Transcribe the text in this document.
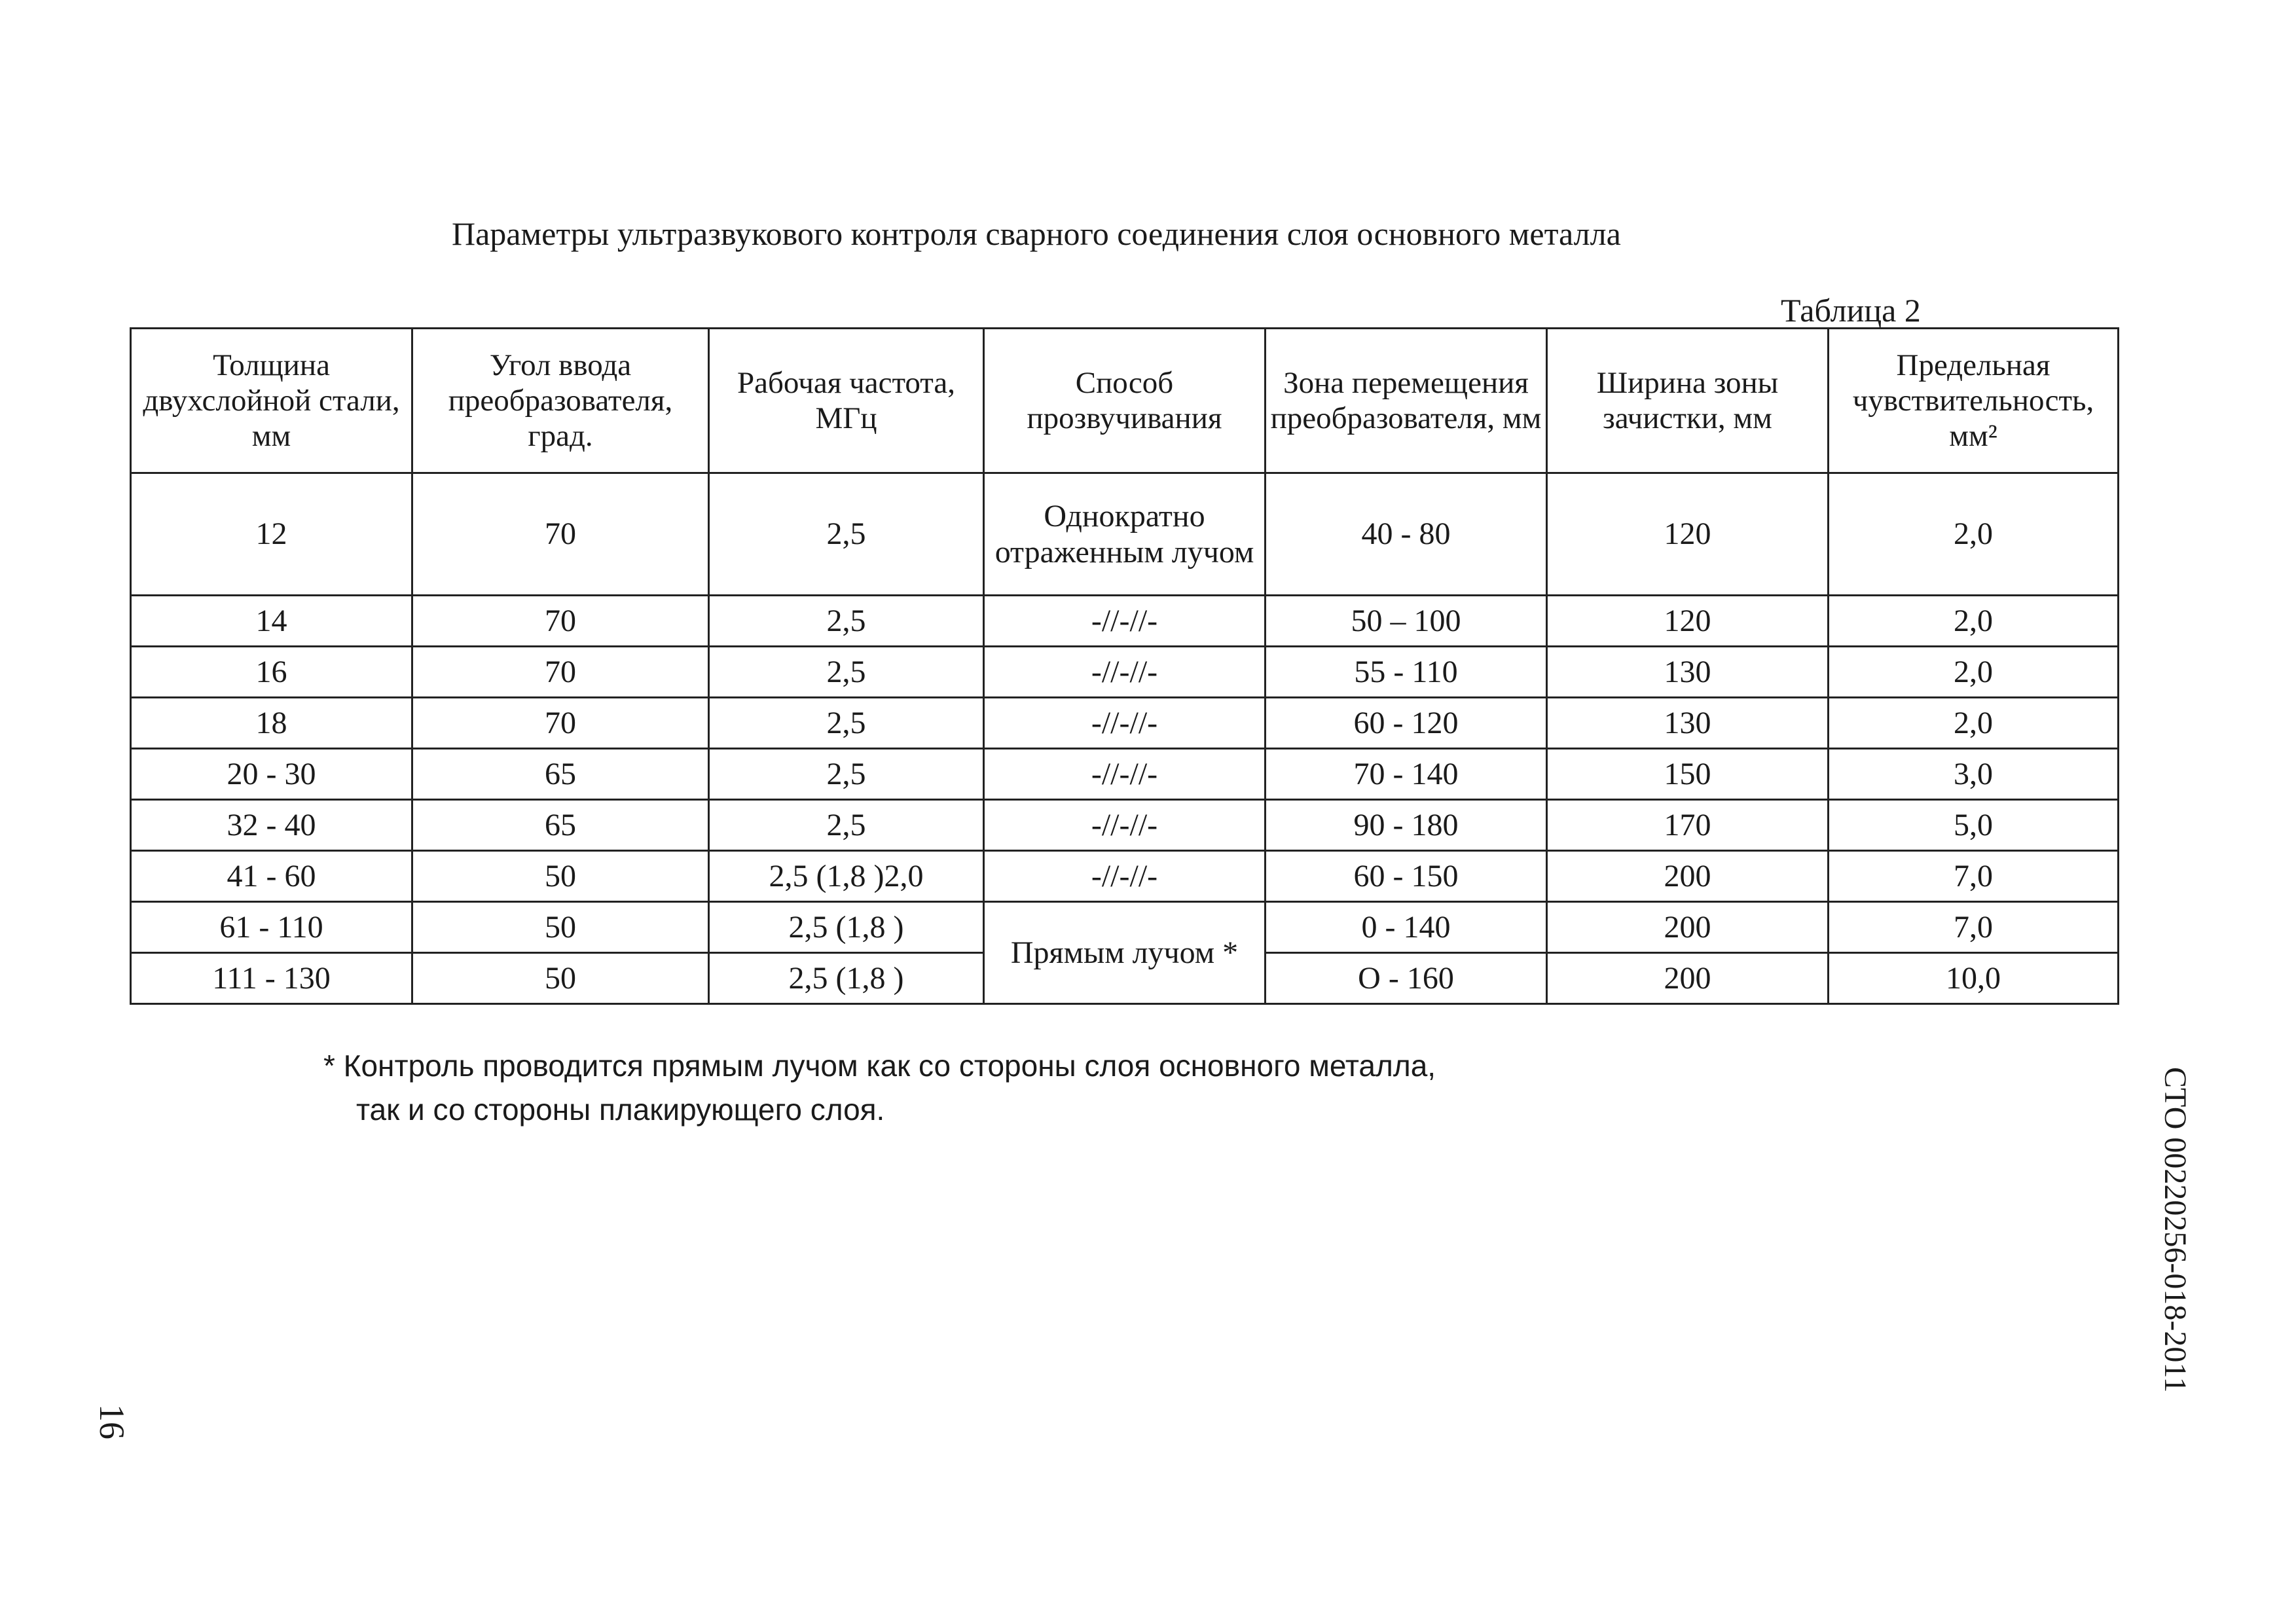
Параметры ультразвукового контроля сварного соединения слоя основного металла
Таблица 2
Толщина двухслойной стали, мм	Угол ввода преобразователя, град.	Рабочая частота, МГц	Способ прозвучивания	Зона перемещения преобразователя, мм	Ширина зоны зачистки, мм	Предельная чувствительность, мм²
12	70	2,5	Однократно отраженным лучом	40 - 80	120	2,0
14	70	2,5	-//-//-	50 – 100	120	2,0
16	70	2,5	-//-//-	55 - 110	130	2,0
18	70	2,5	-//-//-	60 - 120	130	2,0
20 - 30	65	2,5	-//-//-	70 - 140	150	3,0
32 - 40	65	2,5	-//-//-	90 - 180	170	5,0
41 - 60	50	2,5 (1,8 )2,0	-//-//-	60 - 150	200	7,0
61 - 110	50	2,5 (1,8 )	Прямым лучом *	0 - 140	200	7,0
111 - 130	50	2,5 (1,8 )		О - 160	200	10,0
* Контроль проводится прямым лучом как со стороны слоя основного металла,
так и со стороны плакирующего слоя.	СТО 00220256-018-2011
16
